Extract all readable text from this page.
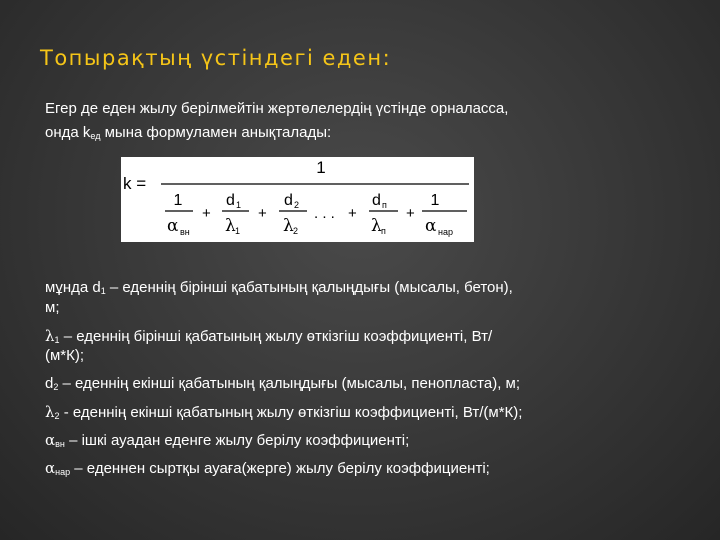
Топырақтың үстіндегі еден:
Егер де еден жылу берілмейтін жертөлелердің үстінде орналасса,
онда $k_{ед}$ мына формуламен анықталады:
k =
1
1
α вн
+
d 1
λ 1
+
d 2
λ 2
. . . +
d п
λ п
+
1
α нар
мұнда $d_1$ – еденнің бірінші қабатының қалыңдығы (мысалы, бетон),
м;
$\lambda_1$ – еденнің бірінші қабатының жылу өткізгіш коэффициенті, Вт/
(м*К);
$d_2$ – еденнің екінші қабатының қалыңдығы (мысалы, пенопласта), м;
$\lambda_2$ - еденнің екінші қабатының жылу өткізгіш коэффициенті, Вт/(м*К);
$\alpha_{вн}$ – ішкі ауадан еденге жылу берілу коэффициенті;
$\alpha_{нар}$ – еденнен сыртқы ауаға(жерге) жылу берілу коэффициенті;
